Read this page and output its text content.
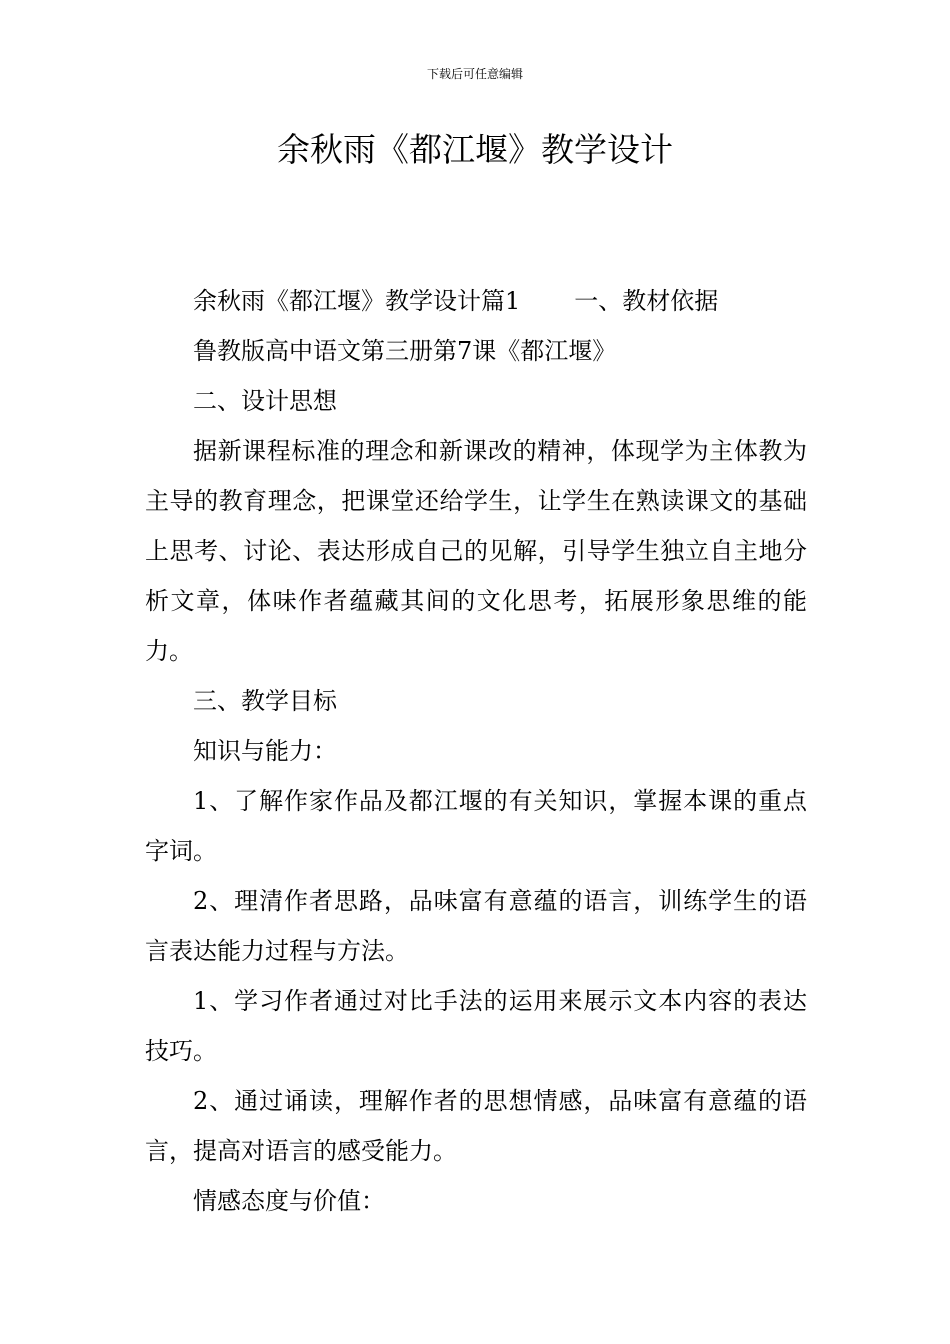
下载后可任意编辑
余秋雨《都江堰》教学设计

余秋雨《都江堰》教学设计篇1 一、教材依据

鲁教版高中语文第三册第7课《都江堰》

二、设计思想

据新课程标准的理念和新课改的精神，体现学为主体教为主导的教育理念，把课堂还给学生，让学生在熟读课文的基础上思考、讨论、表达形成自己的见解，引导学生独立自主地分析文章，体味作者蕴藏其间的文化思考，拓展形象思维的能力。

三、教学目标

知识与能力：

1、了解作家作品及都江堰的有关知识，掌握本课的重点字词。

2、理清作者思路，品味富有意蕴的语言，训练学生的语言表达能力过程与方法。

1、学习作者通过对比手法的运用来展示文本内容的表达技巧。

2、通过诵读，理解作者的思想情感，品味富有意蕴的语言，提高对语言的感受能力。

情感态度与价值：
